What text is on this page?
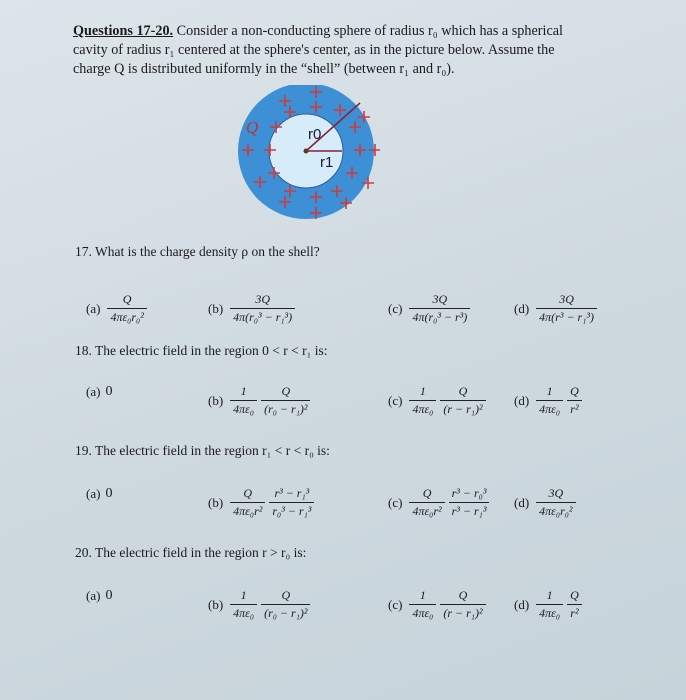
Questions 17-20. Consider a non-conducting sphere of radius r₀ which has a spherical
cavity of radius r₁ centered at the sphere's center, as in the picture below. Assume the
charge Q is distributed uniformly in the “shell” (between r₁ and r₀).
Q	r0
r1
17. What is the charge density ρ on the shell?
$(a) \frac{Q}{\text{4πε₀r₀²}}$	$(b) \frac{3Q}{\text{4π(r₀³ − r₁³)}}$	$(c) \frac{3Q}{\text{4π(r₀³ − r³)}}$	$(d) \frac{3Q}{\text{4π(r³ − r₁³)}}$
18. The electric field in the region 0 < r < r₁ is:
(a) 0
$(b) \frac{1}{\text{4πε₀}} \frac{Q}{\text{(r₀ − r₁)²}}$	$(c) \frac{1}{\text{4πε₀}} \frac{Q}{\text{(r − r₁)²}} (d) \frac{1}{\text{4πε₀}} \frac{Q}{\text{r²}}$
19. The electric field in the region r₁ < r < r₀ is:
(a) 0
$(b) \frac{Q}{\text{4πε₀r²}} \frac{\text{r³ − r₁³}}{\text{r₀³ − r₁³}}$	$(c) \frac{Q}{\text{4πε₀r²}} \frac{\text{r³ − r₀³}}{\text{r³ − r₁³}} (d) \frac{3Q}{\text{4πε₀r₀²}}$
20. The electric field in the region r > r₀ is:
(a) 0
$(b) \frac{1}{\text{4πε₀}} \frac{Q}{\text{(r₀ − r₁)²}}$	$(c) \frac{1}{\text{4πε₀}} \frac{Q}{\text{(r − r₁)²}} (d) \frac{1}{\text{4πε₀}} \frac{Q}{\text{r²}}$
